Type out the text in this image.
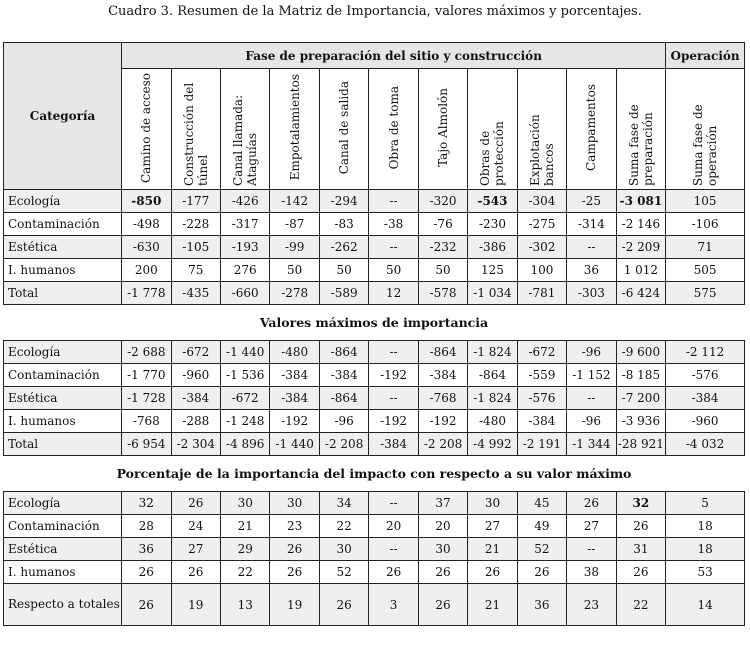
Cuadro 3. Resumen de la Matriz de Importancia, valores máximos y porcentajes.
Categoría	Fase de preparación del sitio y construcción											Operación
	Camino de acceso	Construcción del túnel	Canal llamada: Ataguías	Empotalamientos	Canal de salida	Obra de toma	Tajo Almolón	Obras de protección	Explotación bancos	Campamentos	Suma fase de preparación	Suma fase de operación
Ecología	-850	-177	-426	-142	-294	--	-320	-543	-304	-25	-3 081	105
Contaminación	-498	-228	-317	-87	-83	-38	-76	-230	-275	-314	-2 146	-106
Estética	-630	-105	-193	-99	-262	--	-232	-386	-302	--	-2 209	71
I. humanos	200	75	276	50	50	50	50	125	100	36	1 012	505
Total	-1 778	-435	-660	-278	-589	12	-578	-1 034	-781	-303	-6 424	575
Valores máximos de importancia												
Ecología	-2 688	-672	-1 440	-480	-864	--	-864	-1 824	-672	-96	-9 600	-2 112
Contaminación	-1 770	-960	-1 536	-384	-384	-192	-384	-864	-559	-1 152	-8 185	-576
Estética	-1 728	-384	-672	-384	-864	--	-768	-1 824	-576	--	-7 200	-384
I. humanos	-768	-288	-1 248	-192	-96	-192	-192	-480	-384	-96	-3 936	-960
Total	-6 954	-2 304	-4 896	-1 440	-2 208	-384	-2 208	-4 992	-2 191	-1 344	-28 921	-4 032
Porcentaje de la importancia del impacto con respecto a su valor máximo												
Ecología	32	26	30	30	34	--	37	30	45	26	32	5
Contaminación	28	24	21	23	22	20	20	27	49	27	26	18
Estética	36	27	29	26	30	--	30	21	52	--	31	18
I. humanos	26	26	22	26	52	26	26	26	26	38	26	53
Respecto a totales	26	19	13	19	26	3	26	21	36	23	22	14
